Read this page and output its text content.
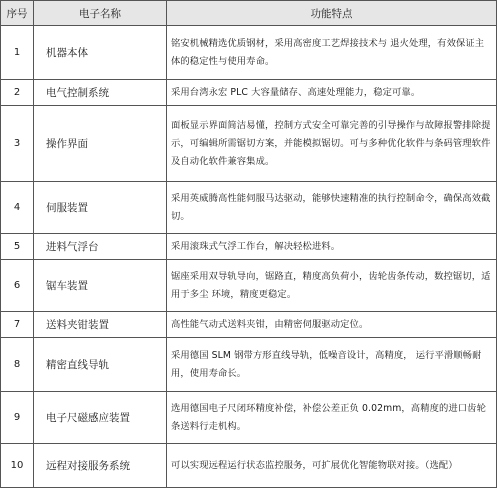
序号	电子名称	功能特点
1	机器本体	铭安机械精选优质钢材，采用高密度工艺焊接技术与 退火处理，有效保证主体的稳定性与使用寿命。
2	电气控制系统	采用台湾永宏 PLC 大容量储存、高速处理能力，稳定可靠。
3	操作界面	面板显示界面简洁易懂，控制方式安全可靠完善的引导操作与故障报警排除提示，可编辑所需锯切方案，并能模拟锯切。可与多种优化软件与条码管理软件及自动化软件兼容集成。
4	伺服装置	采用英威腾高性能伺服马达驱动，能够快速精准的执行控制命令，确保高效截切。
5	进料气浮台	采用滚珠式气浮工作台，解决轻松进料。
6	锯车装置	锯座采用双导轨导向，锯路直，精度高负荷小，齿轮齿条传动，数控锯切，适用于多尘 环境，精度更稳定。
7	送料夹钳装置	高性能气动式送料夹钳，由精密伺服驱动定位。
8	精密直线导轨	采用德国 SLM 钢带方形直线导轨，低噪音设计，高精度， 运行平滑顺畅耐用，使用寿命长。
9	电子尺磁感应装置	选用德国电子尺闭环精度补偿，补偿公差正负 0.02mm，高精度的进口齿轮条送料行走机构。
10	远程对接服务系统	可以实现远程运行状态监控服务，可扩展优化智能物联对接。（选配）
